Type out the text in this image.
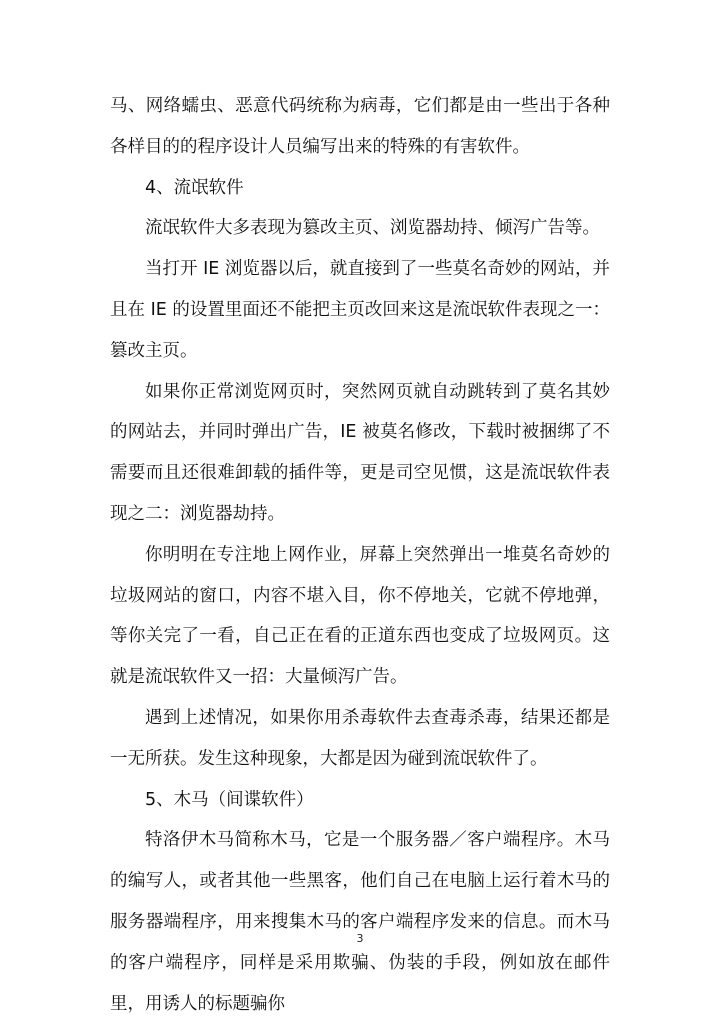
马、网络蠕虫、恶意代码统称为病毒，它们都是由一些出于各种各样目的的程序设计人员编写出来的特殊的有害软件。

4、流氓软件

流氓软件大多表现为篡改主页、浏览器劫持、倾泻广告等。

当打开 IE 浏览器以后，就直接到了一些莫名奇妙的网站，并且在 IE 的设置里面还不能把主页改回来这是流氓软件表现之一：篡改主页。

如果你正常浏览网页时，突然网页就自动跳转到了莫名其妙的网站去，并同时弹出广告，IE 被莫名修改，下载时被捆绑了不需要而且还很难卸载的插件等，更是司空见惯，这是流氓软件表现之二：浏览器劫持。

你明明在专注地上网作业，屏幕上突然弹出一堆莫名奇妙的垃圾网站的窗口，内容不堪入目，你不停地关，它就不停地弹，等你关完了一看，自己正在看的正道东西也变成了垃圾网页。这就是流氓软件又一招：大量倾泻广告。

遇到上述情况，如果你用杀毒软件去查毒杀毒，结果还都是一无所获。发生这种现象，大都是因为碰到流氓软件了。

5、木马（间谍软件）

特洛伊木马简称木马，它是一个服务器／客户端程序。木马的编写人，或者其他一些黑客，他们自己在电脑上运行着木马的服务器端程序，用来搜集木马的客户端程序发来的信息。而木马的客户端程序，同样是采用欺骗、伪装的手段，例如放在邮件里，用诱人的标题骗你

3
